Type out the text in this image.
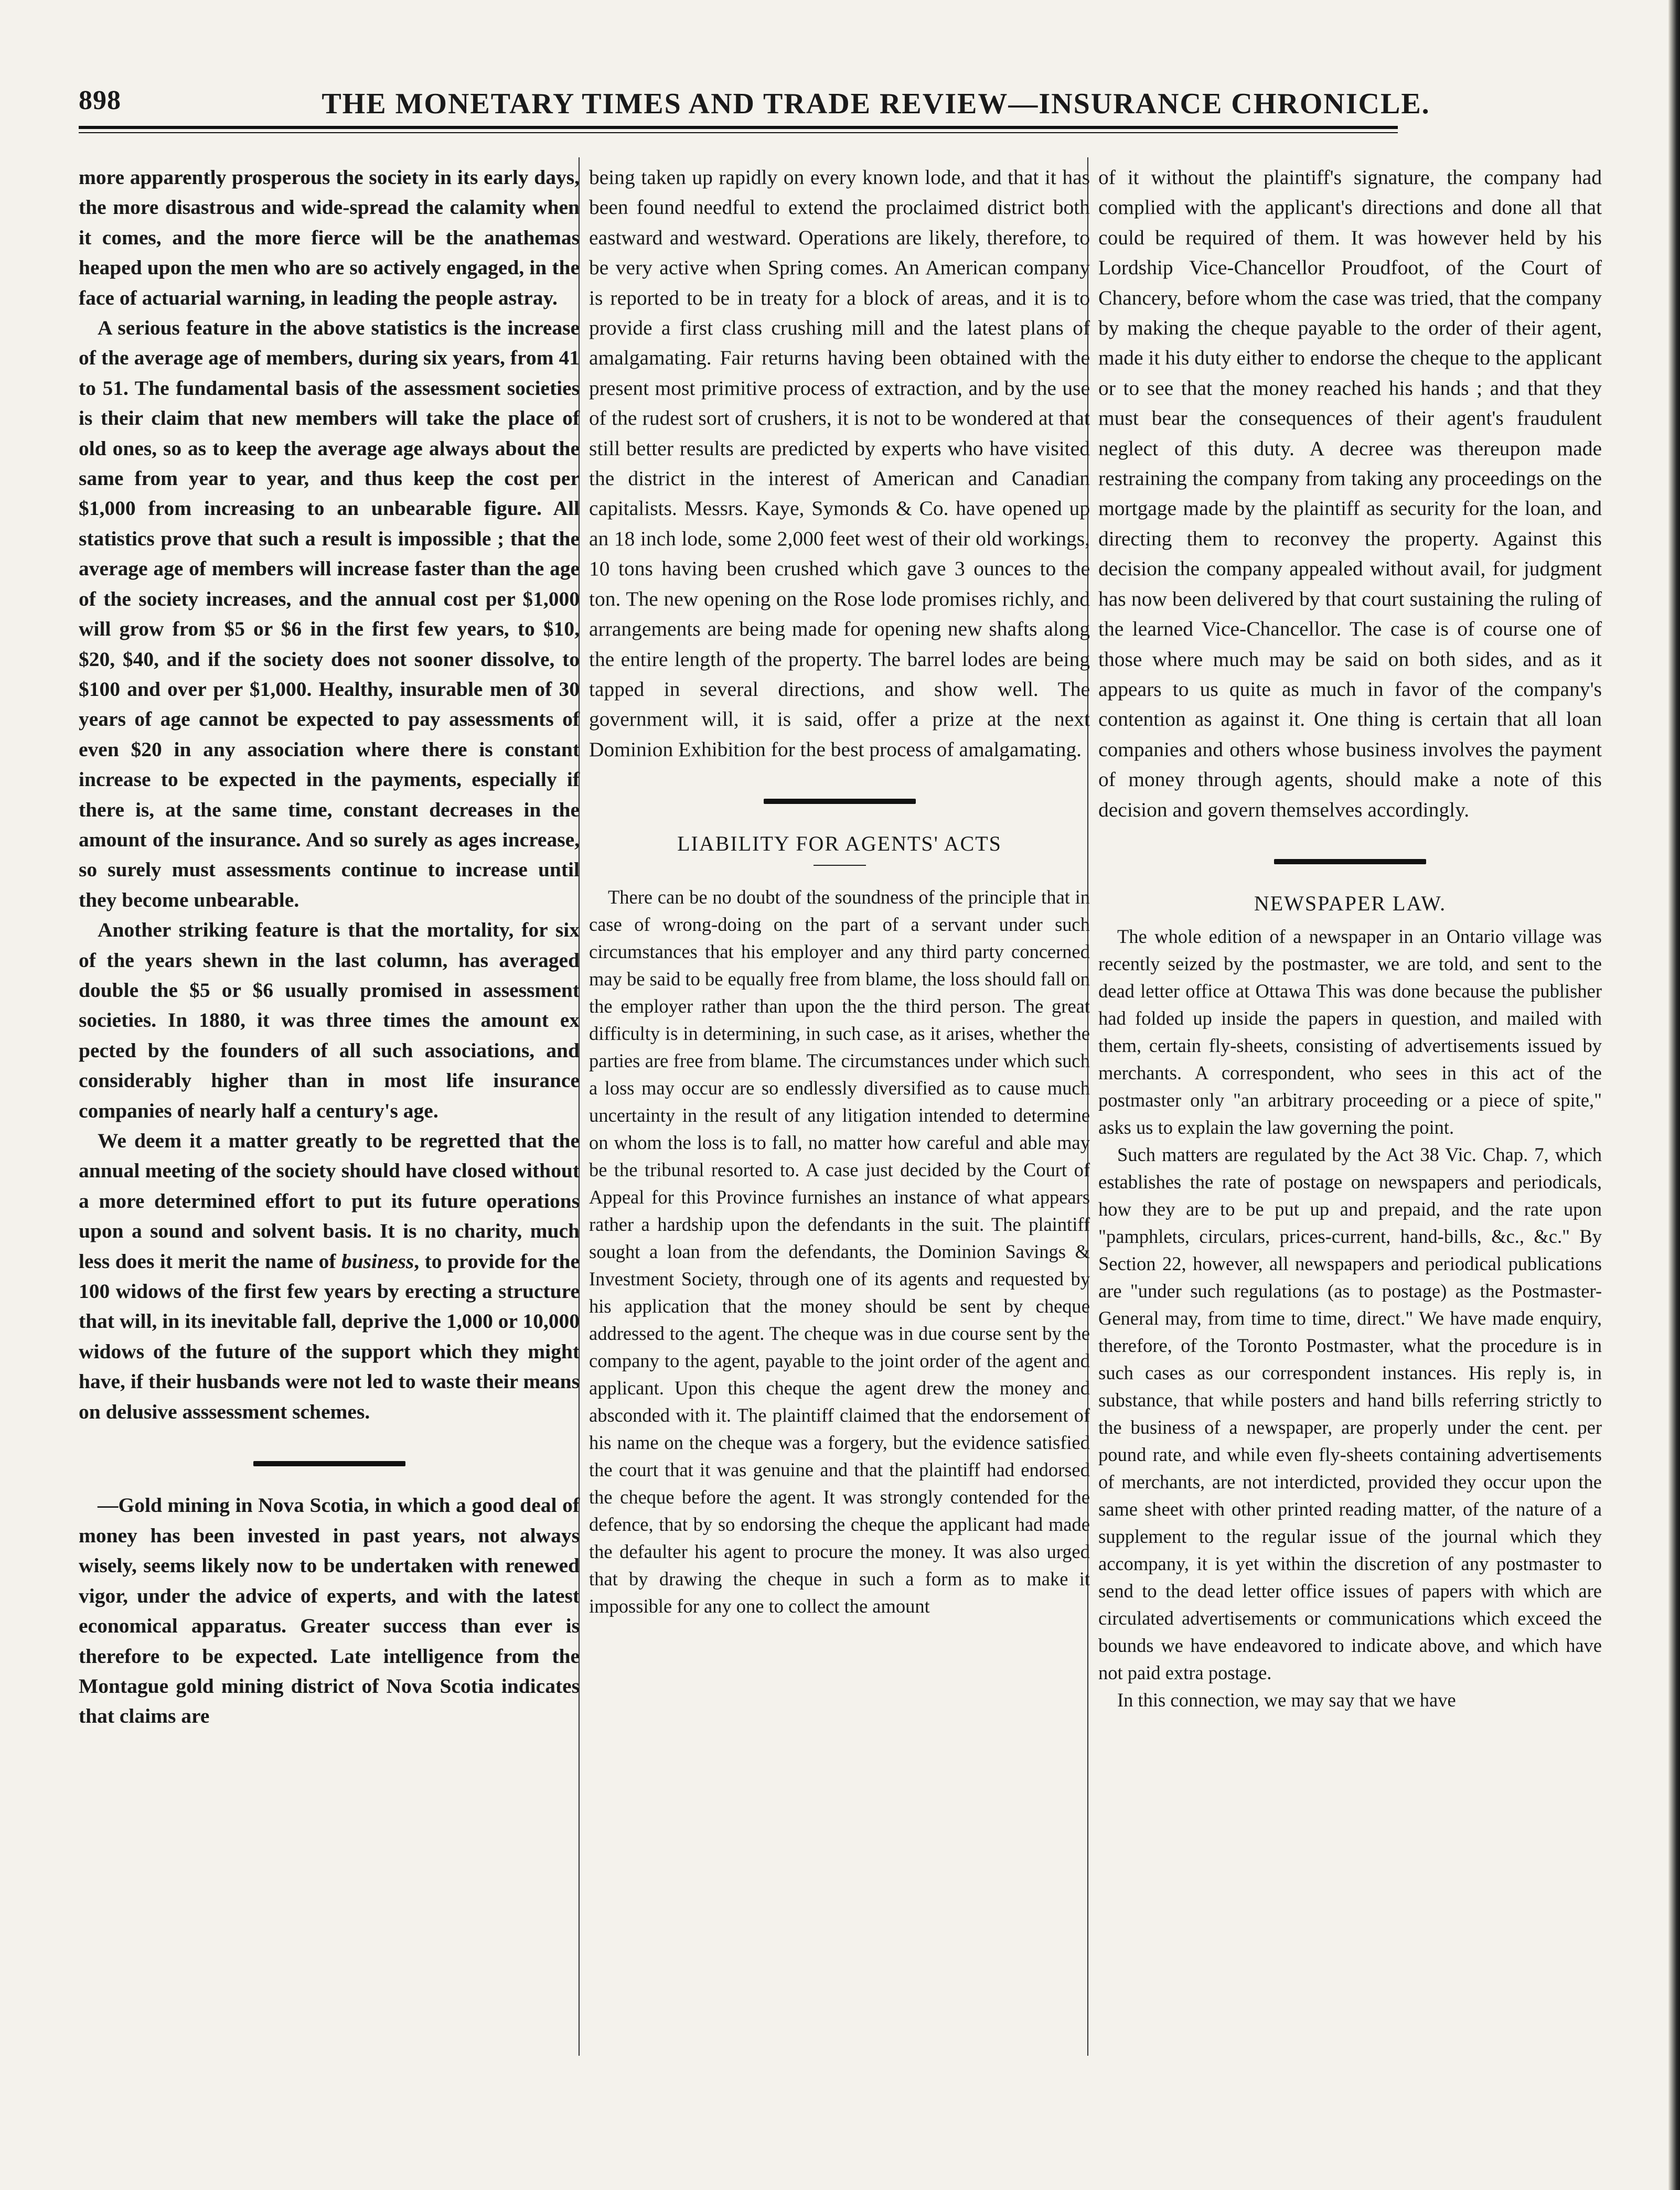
898	THE MONETARY TIMES AND TRADE REVIEW—INSURANCE CHRONICLE.

more apparently prosperous the society in its early days, the more disastrous and wide-spread the calamity when it comes, and the more fierce will be the anathemas heaped upon the men who are so actively engaged, in the face of actuarial warning, in leading the people astray.

A serious feature in the above statistics is the increase of the average age of members, during six years, from 41 to 51. The fundamental basis of the assessment societies is their claim that new members will take the place of old ones, so as to keep the average age always about the same from year to year, and thus keep the cost per $1,000 from increasing to an unbearable figure. All statistics prove that such a result is impossible ; that the average age of members will increase faster than the age of the society increases, and the annual cost per $1,000 will grow from $5 or $6 in the first few years, to $10, $20, $40, and if the society does not sooner dissolve, to $100 and over per $1,000. Healthy, insurable men of 30 years of age cannot be expected to pay assessments of even $20 in any association where there is constant increase to be expected in the payments, especially if there is, at the same time, constant decreases in the amount of the insurance. And so surely as ages increase, so surely must assessments continue to increase until they become unbearable.

Another striking feature is that the mortality, for six of the years shewn in the last column, has averaged double the $5 or $6 usually promised in assessment societies. In 1880, it was three times the amount ex pected by the founders of all such associations, and considerably higher than in most life insurance companies of nearly half a century's age.

We deem it a matter greatly to be regretted that the annual meeting of the society should have closed without a more determined effort to put its future operations upon a sound and solvent basis. It is no charity, much less does it merit the name of business, to provide for the 100 widows of the first few years by erecting a structure that will, in its inevitable fall, deprive the 1,000 or 10,000 widows of the future of the support which they might have, if their husbands were not led to waste their means on delusive asssessment schemes.

—Gold mining in Nova Scotia, in which a good deal of money has been invested in past years, not always wisely, seems likely now to be undertaken with renewed vigor, under the advice of experts, and with the latest economical apparatus. Greater success than ever is therefore to be expected. Late intelligence from the Montague gold mining district of Nova Scotia indicates that claims are

being taken up rapidly on every known lode, and that it has been found needful to extend the proclaimed district both eastward and westward. Operations are likely, therefore, to be very active when Spring comes. An American company is reported to be in treaty for a block of areas, and it is to provide a first class crushing mill and the latest plans of amalgamating. Fair returns having been obtained with the present most primitive process of extraction, and by the use of the rudest sort of crushers, it is not to be wondered at that still better results are predicted by experts who have visited the district in the interest of American and Canadian capitalists. Messrs. Kaye, Symonds & Co. have opened up an 18 inch lode, some 2,000 feet west of their old workings, 10 tons having been crushed which gave 3 ounces to the ton. The new opening on the Rose lode promises richly, and arrangements are being made for opening new shafts along the entire length of the property. The barrel lodes are being tapped in several directions, and show well. The government will, it is said, offer a prize at the next Dominion Exhibition for the best process of amalgamating.

LIABILITY FOR AGENTS' ACTS

There can be no doubt of the soundness of the principle that in case of wrong-doing on the part of a servant under such circumstances that his employer and any third party concerned may be said to be equally free from blame, the loss should fall on the employer rather than upon the the third person. The great difficulty is in determining, in such case, as it arises, whether the parties are free from blame. The circumstances under which such a loss may occur are so endlessly diversified as to cause much uncertainty in the result of any litigation intended to determine on whom the loss is to fall, no matter how careful and able may be the tribunal resorted to. A case just decided by the Court of Appeal for this Province furnishes an instance of what appears rather a hardship upon the defendants in the suit. The plaintiff sought a loan from the defendants, the Dominion Savings & Investment Society, through one of its agents and requested by his application that the money should be sent by cheque addressed to the agent. The cheque was in due course sent by the company to the agent, payable to the joint order of the agent and applicant. Upon this cheque the agent drew the money and absconded with it. The plaintiff claimed that the endorsement of his name on the cheque was a forgery, but the evidence satisfied the court that it was genuine and that the plaintiff had endorsed the cheque before the agent. It was strongly contended for the defence, that by so endorsing the cheque the applicant had made the defaulter his agent to procure the money. It was also urged that by drawing the cheque in such a form as to make it impossible for any one to collect the amount

of it without the plaintiff's signature, the company had complied with the applicant's directions and done all that could be required of them. It was however held by his Lordship Vice-Chancellor Proudfoot, of the Court of Chancery, before whom the case was tried, that the company by making the cheque payable to the order of their agent, made it his duty either to endorse the cheque to the applicant or to see that the money reached his hands ; and that they must bear the consequences of their agent's fraudulent neglect of this duty. A decree was thereupon made restraining the company from taking any proceedings on the mortgage made by the plaintiff as security for the loan, and directing them to reconvey the property. Against this decision the company appealed without avail, for judgment has now been delivered by that court sustaining the ruling of the learned Vice-Chancellor. The case is of course one of those where much may be said on both sides, and as it appears to us quite as much in favor of the company's contention as against it. One thing is certain that all loan companies and others whose business involves the payment of money through agents, should make a note of this decision and govern themselves accordingly.

NEWSPAPER LAW.

The whole edition of a newspaper in an Ontario village was recently seized by the postmaster, we are told, and sent to the dead letter office at Ottawa This was done because the publisher had folded up inside the papers in question, and mailed with them, certain fly-sheets, consisting of advertisements issued by merchants. A correspondent, who sees in this act of the postmaster only "an arbitrary proceeding or a piece of spite," asks us to explain the law governing the point.

Such matters are regulated by the Act 38 Vic. Chap. 7, which establishes the rate of postage on newspapers and periodicals, how they are to be put up and prepaid, and the rate upon "pamphlets, circulars, prices-current, hand-bills, &c., &c." By Section 22, however, all newspapers and periodical publications are "under such regulations (as to postage) as the Postmaster-General may, from time to time, direct." We have made enquiry, therefore, of the Toronto Postmaster, what the procedure is in such cases as our correspondent instances. His reply is, in substance, that while posters and hand bills referring strictly to the business of a newspaper, are properly under the cent. per pound rate, and while even fly-sheets containing advertisements of merchants, are not interdicted, provided they occur upon the same sheet with other printed reading matter, of the nature of a supplement to the regular issue of the journal which they accompany, it is yet within the discretion of any postmaster to send to the dead letter office issues of papers with which are circulated advertisements or communications which exceed the bounds we have endeavored to indicate above, and which have not paid extra postage.

In this connection, we may say that we have
